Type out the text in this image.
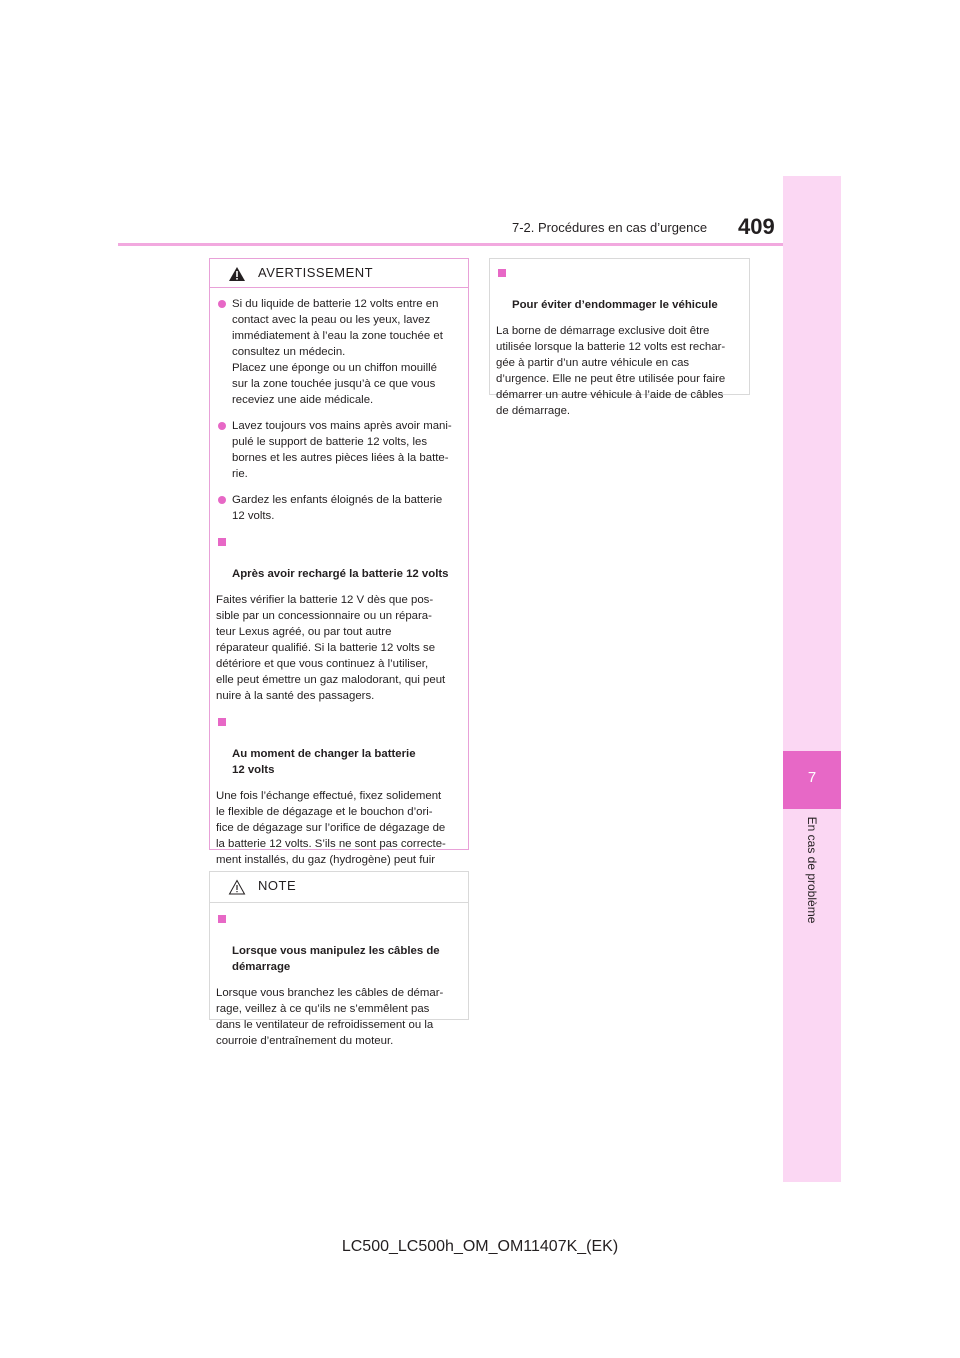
7-2. Procédures en cas d’urgence 409
7
En cas de problème
AVERTISSEMENT
Si du liquide de batterie 12 volts entre en
contact avec la peau ou les yeux, lavez
immédiatement à l’eau la zone touchée et
consultez un médecin.
Placez une éponge ou un chiffon mouillé
sur la zone touchée jusqu’à ce que vous
receviez une aide médicale.
Lavez toujours vos mains après avoir mani-
pulé le support de batterie 12 volts, les
bornes et les autres pièces liées à la batte-
rie.
Gardez les enfants éloignés de la batterie
12 volts.

Après avoir rechargé la batterie 12 volts

Faites vérifier la batterie 12 V dès que pos-
sible par un concessionnaire ou un répara-
teur Lexus agréé, ou par tout autre
réparateur qualifié. Si la batterie 12 volts se
détériore et que vous continuez à l’utiliser,
elle peut émettre un gaz malodorant, qui peut
nuire à la santé des passagers.

Au moment de changer la batterie
12 volts

Une fois l’échange effectué, fixez solidement
le flexible de dégazage et le bouchon d’ori-
fice de dégazage sur l’orifice de dégazage de
la batterie 12 volts. S’ils ne sont pas correcte-
ment installés, du gaz (hydrogène) peut fuir

NOTE

Lorsque vous manipulez les câbles de
démarrage

Lorsque vous branchez les câbles de démar-
rage, veillez à ce qu’ils ne s’emmêlent pas
dans le ventilateur de refroidissement ou la
courroie d’entraînement du moteur.

Pour éviter d’endommager le véhicule

La borne de démarrage exclusive doit être
utilisée lorsque la batterie 12 volts est rechar-
gée à partir d’un autre véhicule en cas
d’urgence. Elle ne peut être utilisée pour faire
démarrer un autre véhicule à l’aide de câbles
de démarrage.
LC500_LC500h_OM_OM11407K_(EK)
